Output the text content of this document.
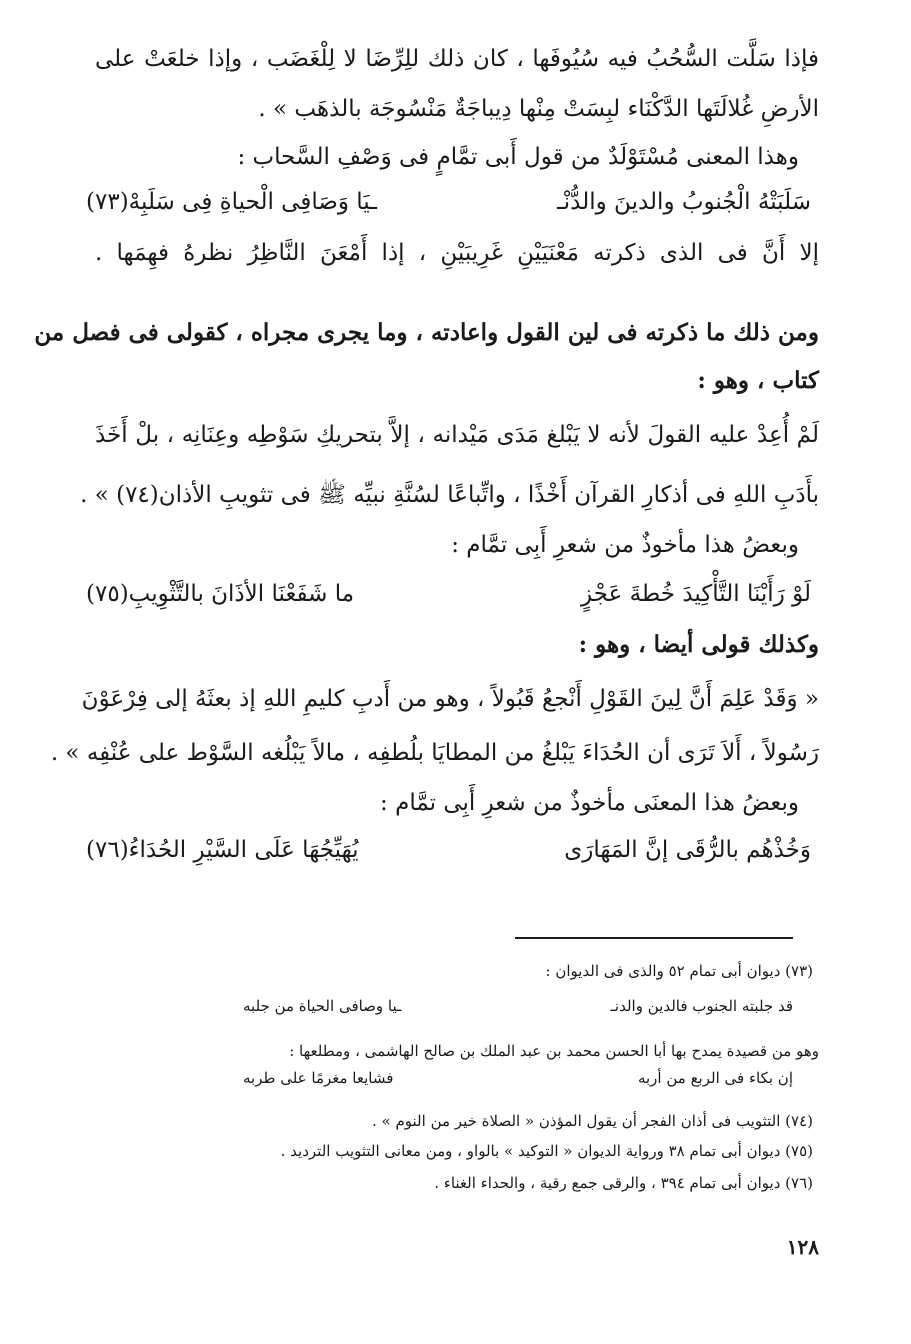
فإذا سَلَّت السُّحُبُ فيه سُيُوفَها ، كان ذلك للِرِّضَا لا لِلْغَضَب ، وإذا خلعَتْ على
الأرضِ غُلالَتَها الدَّكْنَاء لبِسَتْ مِنْها دِيباجَةٌ مَنْسُوجَة بالذهَب » .
وهذا المعنى مُسْتَوْلَدٌ من قول أَبى تمَّامٍ فى وَصْفِ السَّحاب :
سَلَبَتْهُ الْجُنوبُ والدينَ والدُّنْـ
ـيَا وَصَافِى الْحياةِ فِى سَلَبِهْ(٧٣)
إلا أَنَّ فى الذى ذكرته مَعْنَيَيْنِ غَرِيبَيْنِ ، إذا أَمْعَنَ النَّاظِرُ نظرهُ فهِمَها .
ومن ذلك ما ذكرته فى لين القول واعادته ، وما يجرى مجراه ، كقولى فى فصل من
كتاب ، وهو :
لَمْ أُعِدْ عليه القولَ لأنه لا يَبْلغ مَدَى مَيْدانه ، إلاَّ بتحريكِ سَوْطِه وعِنَانِه ، بلْ أَخَذَ
بأَدَبِ اللهِ فى أذكارِ القرآن أَخْذًا ، واتِّباعًا لسُنَّةِ نبيِّه ﷺ فى تثويبِ الأذان(٧٤) » .
وبعضُ هذا مأخوذٌ من شعرِ أَبِى تمَّام :
لَوْ رَأَيْنَا التَّأْكِيدَ خُطةَ عَجْزٍ
ما شَفَعْنَا الأذَانَ بالتَّثْوِيبِ(٧٥)
وكذلك قولى أيضا ، وهو :
« وَقَدْ عَلِمَ أَنَّ لِينَ القَوْلِ أَنْجعُ قَبُولاً ، وهو من أَدبِ كليمِ اللهِ إذ بعثَهُ إلى فِرْعَوْنَ
رَسُولاً ، أَلاَ تَرَى أن الحُدَاءَ يَبْلغُ من المطايَا بلُطفِه ، مالاً يَبْلُغه السَّوْط على عُنْفِه » .
وبعضُ هذا المعنَى مأخوذٌ من شعرِ أَبِى تمَّام :
وَخُذْهُم بالرُّقَى إنَّ المَهَارَى
يُهَيِّجُهَا عَلَى السَّيْرِ الحُدَاءُ(٧٦)
(٧٣) ديوان أبى تمام ٥٢ والذى فى الديوان :
قد جلبته الجنوب فالدين والدنـ
ـيا وصافى الحياة من جلبه
وهو من قصيدة يمدح بها أبا الحسن محمد بن عبد الملك بن صالح الهاشمى ، ومطلعها :
إن بكاء فى الربع من أربه
فشايعا مغرمًا على طربه
(٧٤) التثويب فى أذان الفجر أن يقول المؤذن « الصلاة خير من النوم » .
(٧٥) ديوان أبى تمام ٣٨ ورواية الديوان « التوكيد » بالواو ، ومن معانى التثويب الترديد .
(٧٦) ديوان أبى تمام ٣٩٤ ، والرقى جمع رقية ، والحداء الغناء .
١٢٨
